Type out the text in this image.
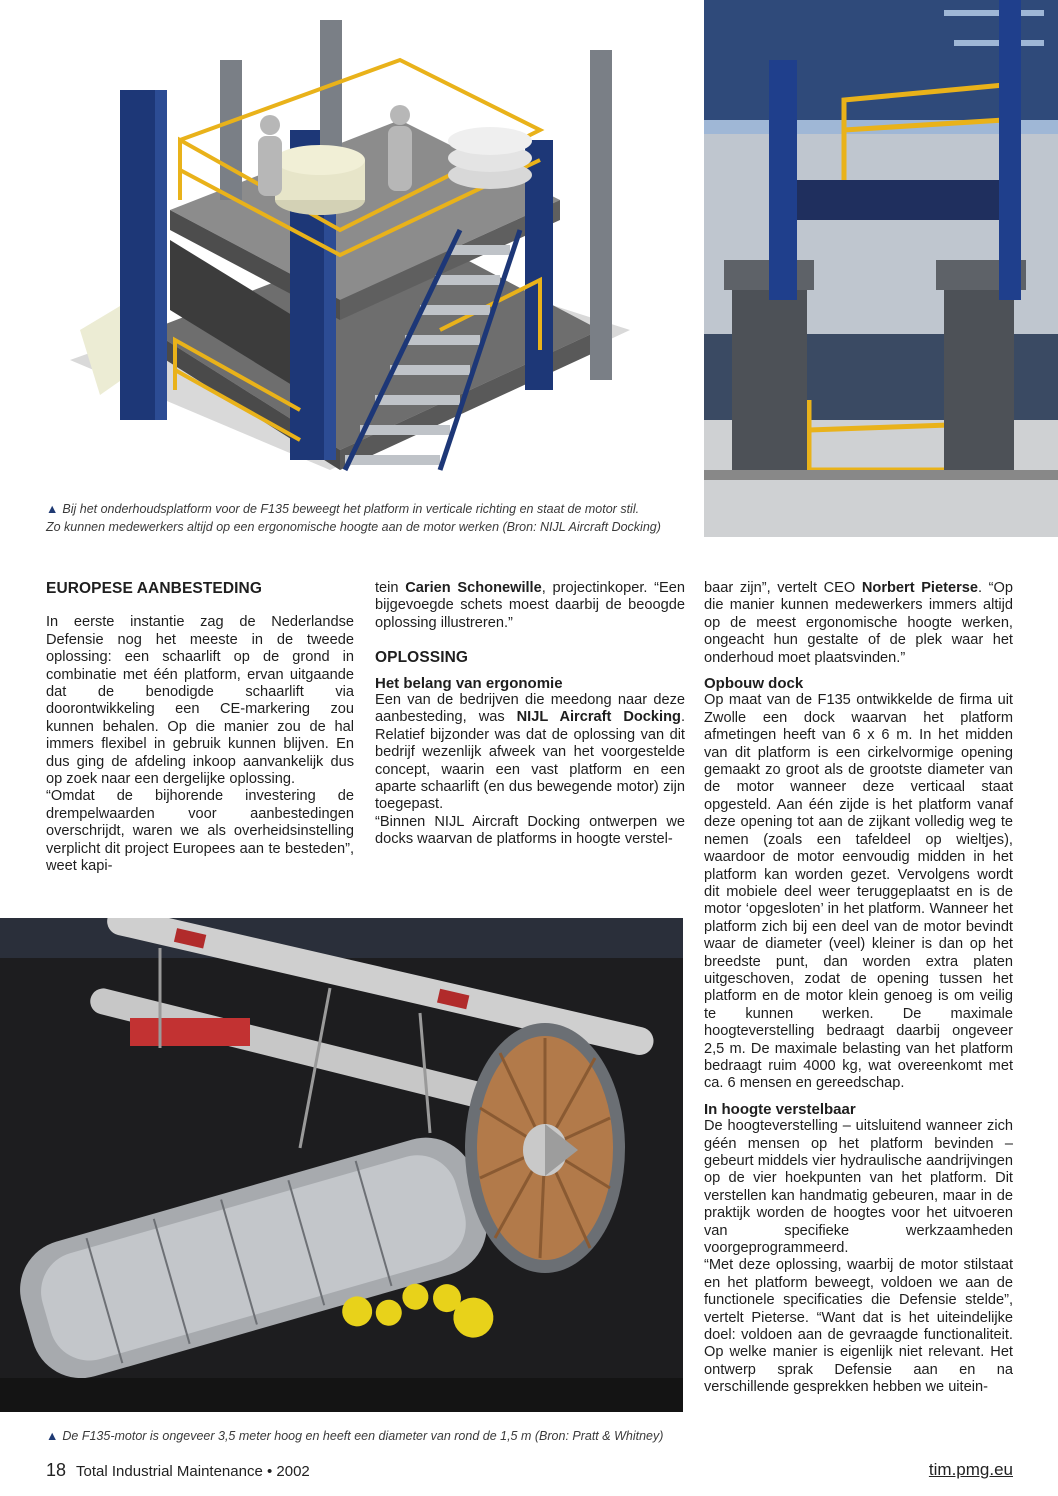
▲ Bij het onderhoudsplatform voor de F135 beweegt het platform in verticale richting en staat de motor stil.
Zo kunnen medewerkers altijd op een ergonomische hoogte aan de motor werken (Bron: NIJL Aircraft Docking)
EUROPESE AANBESTEDING

In eerste instantie zag de Nederlandse Defensie nog het meeste in de tweede oplossing: een schaarlift op de grond in combinatie met één platform, ervan uitgaande dat de benodigde schaarlift via doorontwikkeling een CE-markering zou kunnen behalen. Op die manier zou de hal immers flexibel in gebruik kunnen blijven. En dus ging de afdeling inkoop aanvankelijk dus op zoek naar een dergelijke oplossing.

“Omdat de bijhorende investering de drempelwaarden voor aanbestedingen overschrijdt, waren we als overheidsinstelling verplicht dit project Europees aan te besteden”, weet kapi-

tein Carien Schonewille, projectinkoper. “Een bijgevoegde schets moest daarbij de beoogde oplossing illustreren.”

OPLOSSING
Het belang van ergonomie

Een van de bedrijven die meedong naar deze aanbesteding, was NIJL Aircraft Docking. Relatief bijzonder was dat de oplossing van dit bedrijf wezenlijk afweek van het voorgestelde concept, waarin een vast platform en een aparte schaarlift (en dus bewegende motor) zijn toegepast.

“Binnen NIJL Aircraft Docking ontwerpen we docks waarvan de platforms in hoogte verstel-

baar zijn”, vertelt CEO Norbert Pieterse. “Op die manier kunnen medewerkers immers altijd op de meest ergonomische hoogte werken, ongeacht hun gestalte of de plek waar het onderhoud moet plaatsvinden.”

Opbouw dock

Op maat van de F135 ontwikkelde de firma uit Zwolle een dock waarvan het platform afmetingen heeft van 6 x 6 m. In het midden van dit platform is een cirkelvormige opening gemaakt zo groot als de grootste diameter van de motor wanneer deze verticaal staat opgesteld. Aan één zijde is het platform vanaf deze opening tot aan de zijkant volledig weg te nemen (zoals een tafeldeel op wieltjes), waardoor de motor eenvoudig midden in het platform kan worden gezet. Vervolgens wordt dit mobiele deel weer teruggeplaatst en is de motor ‘opgesloten’ in het platform. Wanneer het platform zich bij een deel van de motor bevindt waar de diameter (veel) kleiner is dan op het breedste punt, dan worden extra platen uitgeschoven, zodat de opening tussen het platform en de motor klein genoeg is om veilig te kunnen werken. De maximale hoogteverstelling bedraagt daarbij ongeveer 2,5 m. De maximale belasting van het platform bedraagt ruim 4000 kg, wat overeenkomt met ca. 6 mensen en gereedschap.

In hoogte verstelbaar

De hoogteverstelling – uitsluitend wanneer zich géén mensen op het platform bevinden – gebeurt middels vier hydraulische aandrijvingen op de vier hoekpunten van het platform. Dit verstellen kan handmatig gebeuren, maar in de praktijk worden de hoogtes voor het uitvoeren van specifieke werkzaamheden voorgeprogrammeerd.

“Met deze oplossing, waarbij de motor stilstaat en het platform beweegt, voldoen we aan de functionele specificaties die Defensie stelde”, vertelt Pieterse. “Want dat is het uiteindelijke doel: voldoen aan de gevraagde functionaliteit. Op welke manier is eigenlijk niet relevant. Het ontwerp sprak Defensie aan en na verschillende gesprekken hebben we uitein-

▲ De F135-motor is ongeveer 3,5 meter hoog en heeft een diameter van rond de 1,5 m (Bron: Pratt & Whitney)
18 Total Industrial Maintenance • 2002	tim.pmg.eu
